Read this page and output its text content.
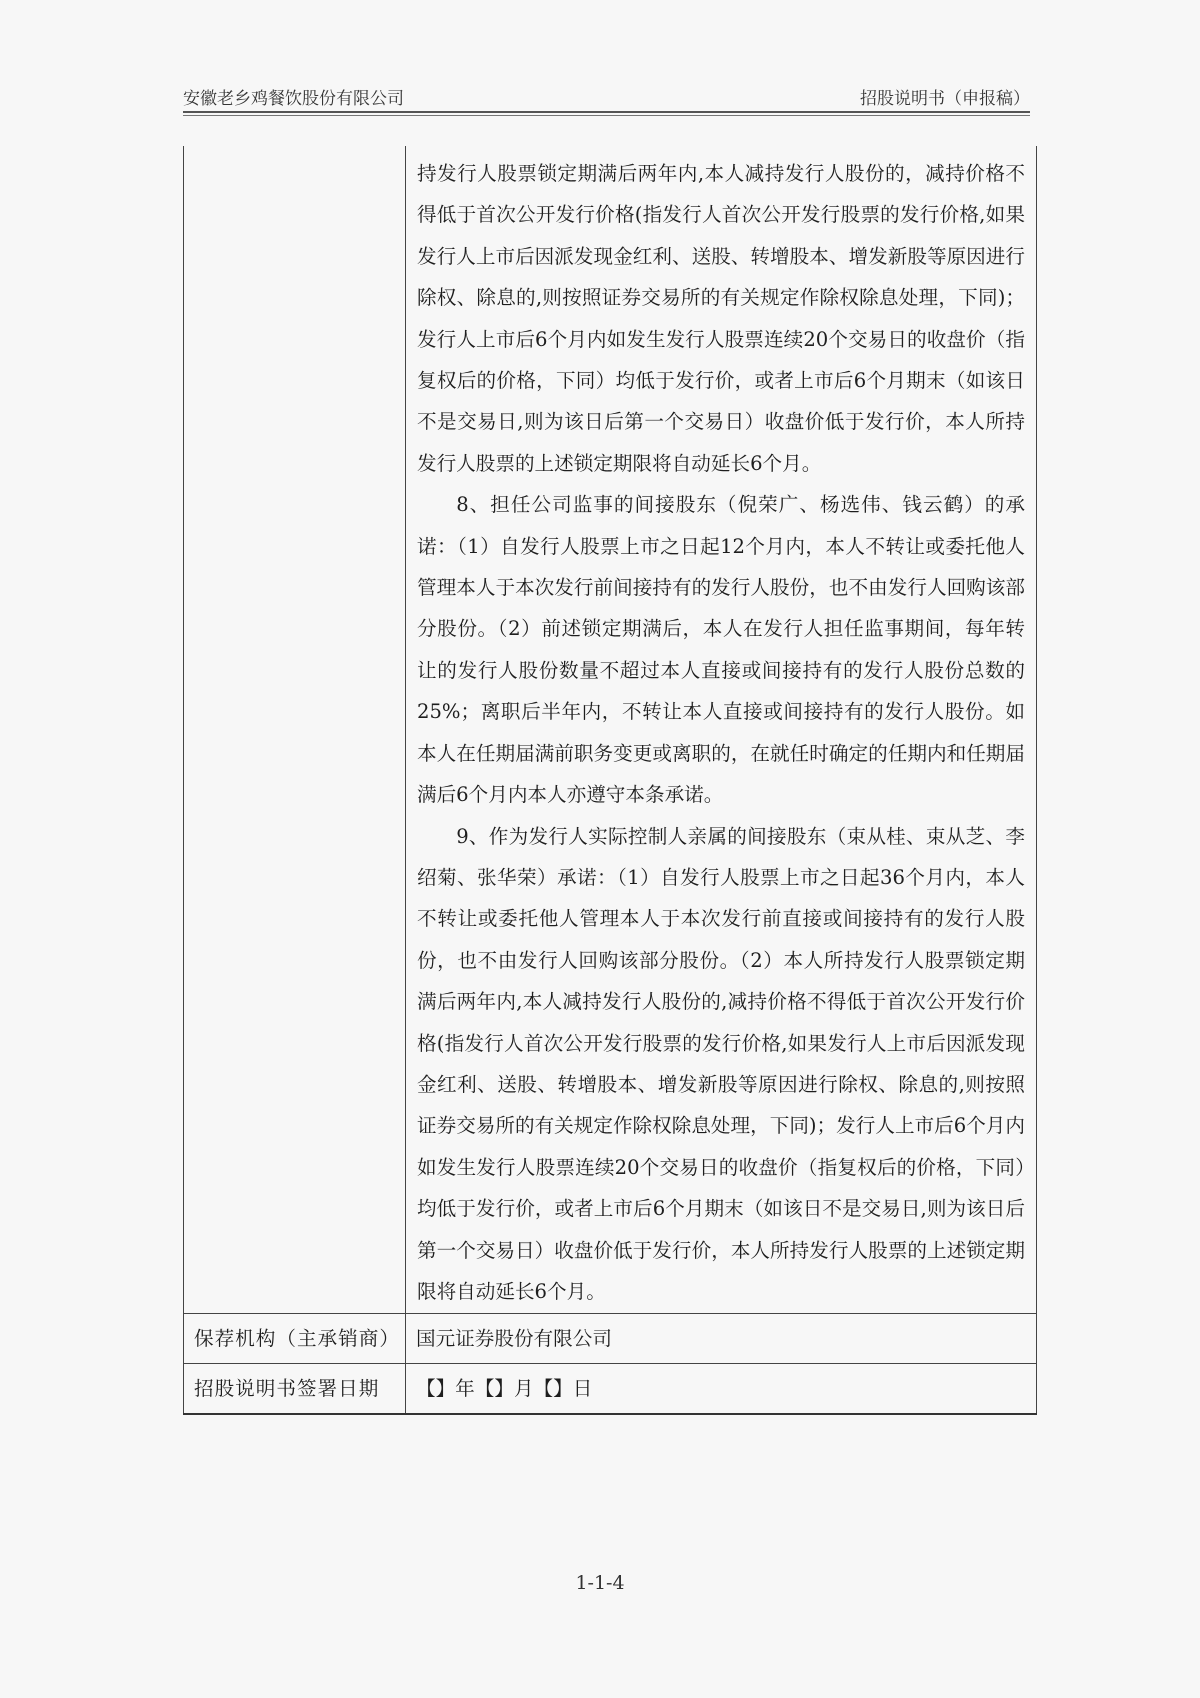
安徽老乡鸡餐饮股份有限公司	招股说明书（申报稿）

	持发行人股票锁定期满后两年内,本人减持发行人股份的，减持价格不得低于首次公开发行价格(指发行人首次公开发行股票的发行价格,如果发行人上市后因派发现金红利、送股、转增股本、增发新股等原因进行除权、除息的,则按照证券交易所的有关规定作除权除息处理，下同)；发行人上市后6个月内如发生发行人股票连续20个交易日的收盘价（指复权后的价格，下同）均低于发行价，或者上市后6个月期末（如该日不是交易日,则为该日后第一个交易日）收盘价低于发行价，本人所持发行人股票的上述锁定期限将自动延长6个月。

8、担任公司监事的间接股东（倪荣广、杨选伟、钱云鹤）的承诺：（1）自发行人股票上市之日起12个月内，本人不转让或委托他人管理本人于本次发行前间接持有的发行人股份，也不由发行人回购该部分股份。（2）前述锁定期满后，本人在发行人担任监事期间，每年转让的发行人股份数量不超过本人直接或间接持有的发行人股份总数的25%；离职后半年内，不转让本人直接或间接持有的发行人股份。如本人在任期届满前职务变更或离职的，在就任时确定的任期内和任期届满后6个月内本人亦遵守本条承诺。

9、作为发行人实际控制人亲属的间接股东（束从桂、束从芝、李绍菊、张华荣）承诺：（1）自发行人股票上市之日起36个月内，本人不转让或委托他人管理本人于本次发行前直接或间接持有的发行人股份，也不由发行人回购该部分股份。（2）本人所持发行人股票锁定期满后两年内,本人减持发行人股份的,减持价格不得低于首次公开发行价格(指发行人首次公开发行股票的发行价格,如果发行人上市后因派发现金红利、送股、转增股本、增发新股等原因进行除权、除息的,则按照证券交易所的有关规定作除权除息处理，下同)；发行人上市后6个月内如发生发行人股票连续20个交易日的收盘价（指复权后的价格，下同）均低于发行价，或者上市后6个月期末（如该日不是交易日,则为该日后第一个交易日）收盘价低于发行价，本人所持发行人股票的上述锁定期限将自动延长6个月。

保荐机构（主承销商）	国元证券股份有限公司
招股说明书签署日期	【】年【】月【】日
1-1-4
